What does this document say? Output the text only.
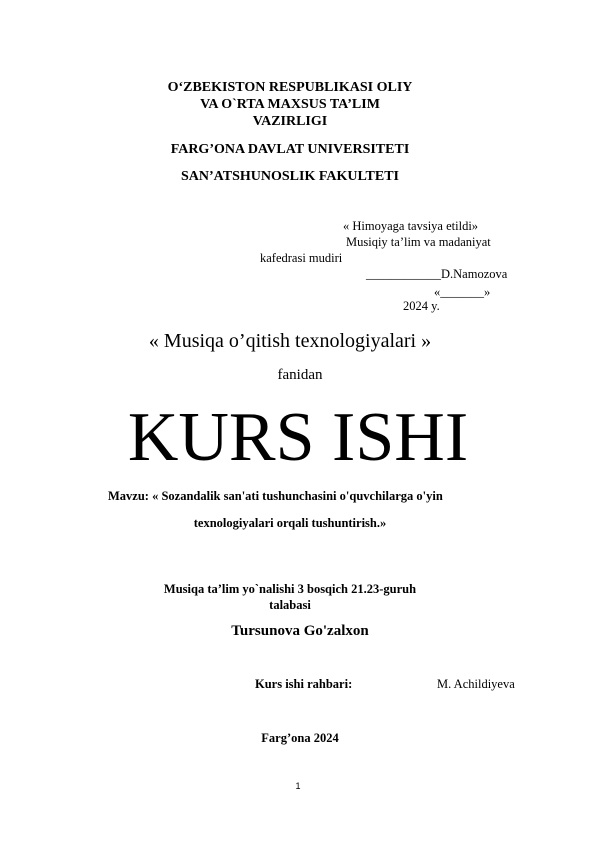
O‘ZBEKISTON RESPUBLIKASI OLIY
VA O`RTA MAXSUS TA’LIM
VAZIRLIGI
FARG’ONA DAVLAT UNIVERSITETI
SAN’ATSHUNOSLIK FAKULTETI
« Himoyaga tavsiya etildi»
Musiqiy ta’lim va madaniyat
kafedrasi mudiri
____________D.Namozova
«_______»
2024 y.
« Musiqa o’qitish texnologiyalari »
fanidan
KURS ISHI
Mavzu: « Sozandalik san'ati tushunchasini o'quvchilarga o'yin
texnologiyalari orqali tushuntirish.»
Musiqa ta’lim yo`nalishi 3 bosqich 21.23-guruh
talabasi
Tursunova Go'zalxon
Kurs ishi rahbari:	M. Achildiyeva
Farg’ona 2024
1
